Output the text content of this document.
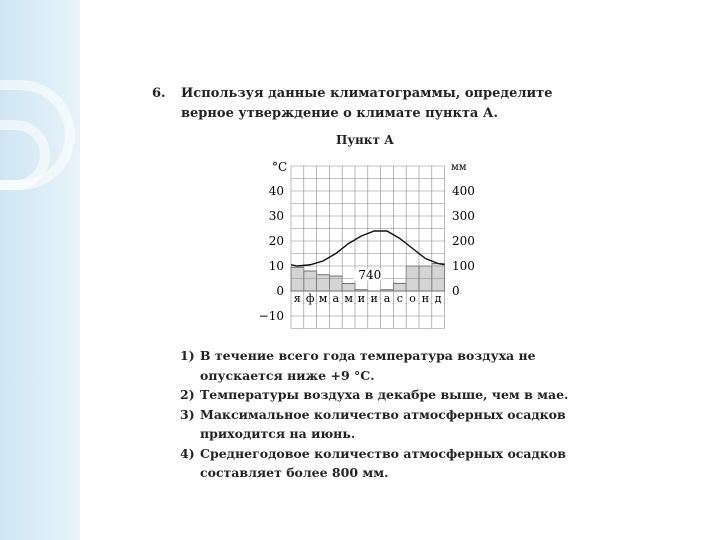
6. Используя данные климатограммы, определите верное утверждение о климате пункта А.
Пункт А
я ф м а м и и а с о н д
740
°C	мм
40
30
20
10
0
−10
400
300
200
100
0
1) В течение всего года температура воздуха не опускается ниже +9 °С.
2) Температуры воздуха в декабре выше, чем в мае.
3) Максимальное количество атмосферных осадков приходится на июнь.
4) Среднегодовое количество атмосферных осадков составляет более 800 мм.
